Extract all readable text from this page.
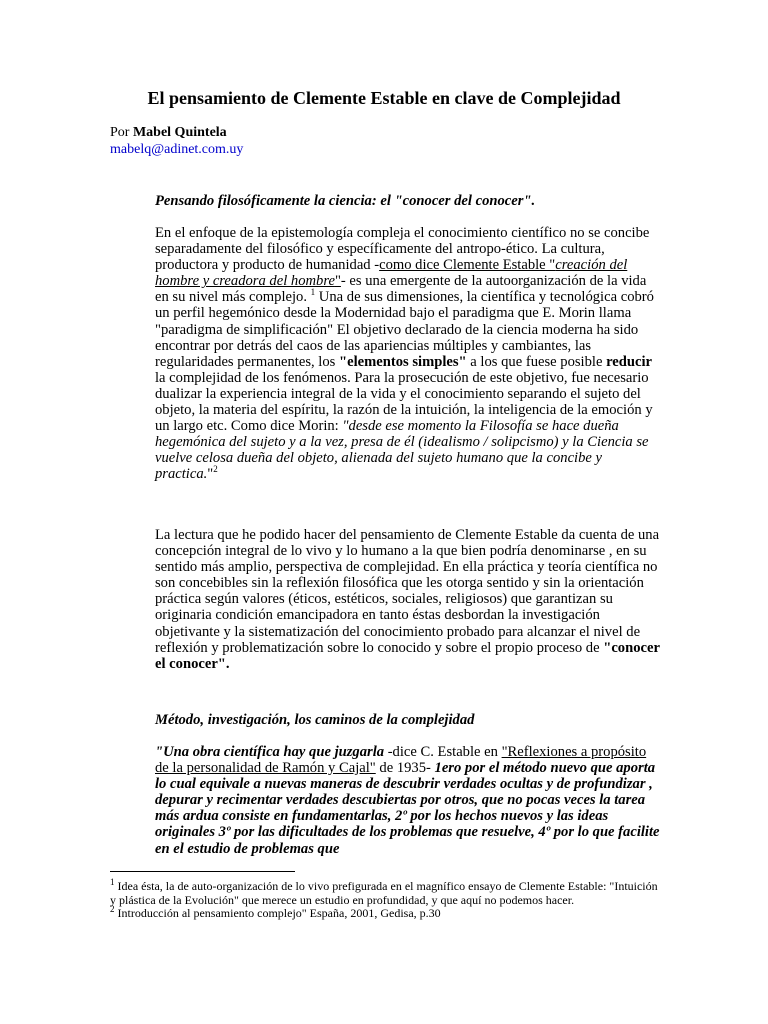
El pensamiento de Clemente Estable en clave de Complejidad
Por Mabel Quintela
mabelq@adinet.com.uy
Pensando filosóficamente la ciencia: el "conocer del conocer".
En el enfoque de la epistemología compleja el conocimiento científico no se concibe separadamente del filosófico y específicamente del antropo-ético. La cultura, productora y producto de humanidad -como dice Clemente Estable "creación del hombre y creadora del hombre"- es una emergente de la autoorganización de la vida en su nivel más complejo. $^1$ Una de sus dimensiones, la científica y tecnológica cobró un perfil hegemónico desde la Modernidad bajo el paradigma que E. Morin llama "paradigma de simplificación" El objetivo declarado de la ciencia moderna ha sido encontrar por detrás del caos de las apariencias múltiples y cambiantes, las regularidades permanentes, los "elementos simples" a los que fuese posible reducir la complejidad de los fenómenos. Para la prosecución de este objetivo, fue necesario dualizar la experiencia integral de la vida y el conocimiento separando el sujeto del objeto, la materia del espíritu, la razón de la intuición, la inteligencia de la emoción y un largo etc. Como dice Morin: "desde ese momento la Filosofía se hace dueña hegemónica del sujeto y a la vez, presa de él (idealismo / solipcismo) y la Ciencia se vuelve celosa dueña del objeto, alienada del sujeto humano que la concibe y practica."$^2$
La lectura que he podido hacer del pensamiento de Clemente Estable da cuenta de una concepción integral de lo vivo y lo humano a la que bien podría denominarse , en su sentido más amplio, perspectiva de complejidad. En ella práctica y teoría científica no son concebibles sin la reflexión filosófica que les otorga sentido y sin la orientación práctica según valores (éticos, estéticos, sociales, religiosos) que garantizan su originaria condición emancipadora en tanto éstas desbordan la investigación objetivante y la sistematización del conocimiento probado para alcanzar el nivel de reflexión y problematización sobre lo conocido y sobre el propio proceso de "conocer el conocer".
Método, investigación, los caminos de la complejidad
"Una obra científica hay que juzgarla -dice C. Estable en "Reflexiones a propósito de la personalidad de Ramón y Cajal" de 1935- 1ero por el método nuevo que aporta lo cual equivale a nuevas maneras de descubrir verdades ocultas y de profundizar , depurar y recimentar verdades descubiertas por otros, que no pocas veces la tarea más ardua consiste en fundamentarlas, 2º por los hechos nuevos y las ideas originales 3º por las dificultades de los problemas que resuelve, 4º por lo que facilite en el estudio de problemas que

$^1$ Idea ésta, la de auto-organización de lo vivo prefigurada en el magnífico ensayo de Clemente Estable: "Intuición y plástica de la Evolución" que merece un estudio en profundidad, y que aquí no podemos hacer.

$^2$ Introducción al pensamiento complejo" España, 2001, Gedisa, p.30
